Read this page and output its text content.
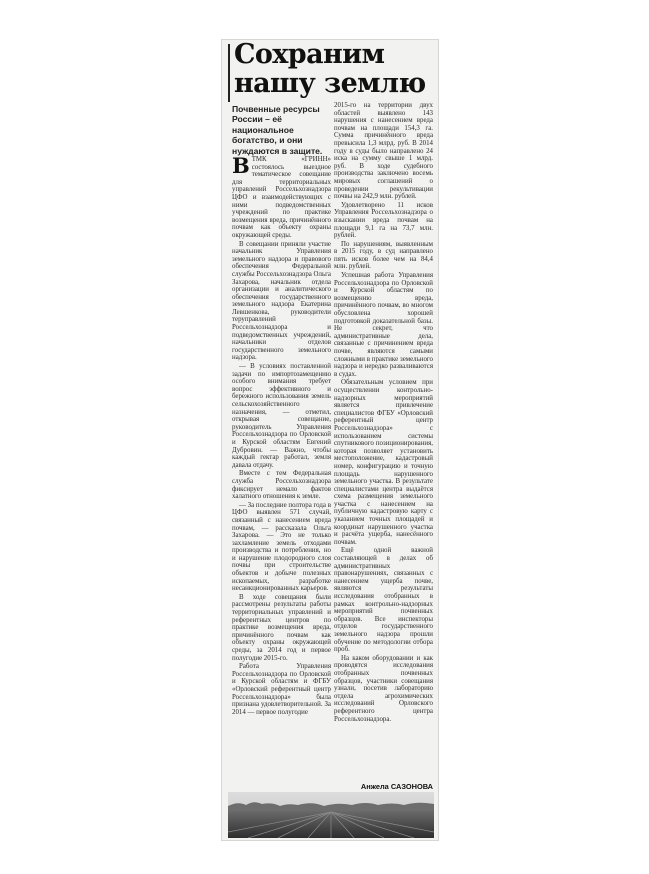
Сохраним
нашу землю
Почвенные ресурсы России – её национальное богатство, и они нуждаются в защите.

ВТМК «ГРИНН» состоялось выездное тематическое совещание для территориальных управлений Россельхознадзора ЦФО и взаимодействующих с ними подведомственных учреждений по практике возмещения вреда, причинённого почвам как объекту охраны окружающей среды.

В совещании приняли участие начальник Управления земельного надзора и правового обеспечения Федеральной службы Россельхознадзора Ольга Захарова, начальник отдела организации и аналитического обеспечения государственного земельного надзора Екатерина Левшенкова, руководители терупрaвлений Россельхознадзора и подведомственных учреждений, начальники отделов государственного земельного надзора.

— В условиях поставленной задачи по импортозамещению особого внимания требует вопрос эффективного и бережного использования земель сельскохозяйственного назначения, — отметил, открывая совещание, руководитель Управления Россельхознадзора по Орловской и Курской областям Евгений Дубровин. — Важно, чтобы каждый гектар работал, земля давала отдачу.

Вместе с тем Федеральная служба Россельхознадзора фиксирует немало фактов халатного отношения к земле.

— За последние полтора года в ЦФО выявлен 571 случай, связанный с нанесением вреда почвам, — рассказала Ольга Захарова. — Это не только захламление земель отходами производства и потребления, но и нарушение плодородного слоя почвы при строительстве объектов и добыче полезных ископаемых, разработке несанкционированных карьеров.

В ходе совещания были рассмотрены результаты работы территориальных управлений и референтных центров по практике возмещения вреда, причинённого почвам как объекту охраны окружающей среды, за 2014 год и первое полугодие 2015-го.

Работа Управления Россельхознадзора по Орловской и Курской областям и ФГБУ «Орловский референтный центр Россельхознадзора» была признана удовлетворительной. За 2014 — первое полугодие

2015-го на территории двух областей выявлено 143 нарушения с нанесением вреда почвам на площади 154,3 га. Сумма причинённого вреда превысила 1,3 млрд. руб. В 2014 году в суды было направлено 24 иска на сумму свыше 1 млрд. руб. В ходе судебного производства заключено восемь мировых соглашений о проведении рекультивации почвы на 242,9 млн. рублей.

Удовлетворено 11 исков Управления Россельхознадзора о взыскании вреда почвам на площади 9,1 га на 73,7 млн. рублей.

По нарушениям, выявленным в 2015 году, в суд направлено пять исков более чем на 84,4 млн. рублей.

Успешная работа Управления Россельхознадзора по Орловской и Курской областям по возмещению вреда, причинённого почвам, во многом обусловлена хорошей подготовкой доказательной базы. Не секрет, что административные дела, связанные с причинением вреда почве, являются самыми сложными в практике земельного надзора и нередко разваливаются в судах.

Обязательным условием при осуществлении контрольно-надзорных мероприятий является привлечение специалистов ФГБУ «Орловский референтный центр Россельхознадзора» с использованием системы спутникового позиционирования, которая позволяет установить местоположение, кадастровый номер, конфигурацию и точную площадь нарушенного земельного участка. В результате специалистами центра выдаётся схема размещения земельного участка с нанесением на публичную кадастровую карту с указанием точных площадей и координат нарушенного участка и расчёта ущерба, нанесённого почвам.

Ещё одной важной составляющей в делах об административных правонарушениях, связанных с нанесением ущерба почве, являются результаты исследования отобранных в рамках контрольно-надзорных мероприятий почвенных образцов. Все инспекторы отделов государственного земельного надзора прошли обучение по методологии отбора проб.

На каком оборудовании и как проводятся исследования отобранных почвенных образцов, участники совещания узнали, посетив лабораторию отдела агрохимических исследований Орловского референтного центра Россельхознадзора.

Анжела САЗОНОВА
